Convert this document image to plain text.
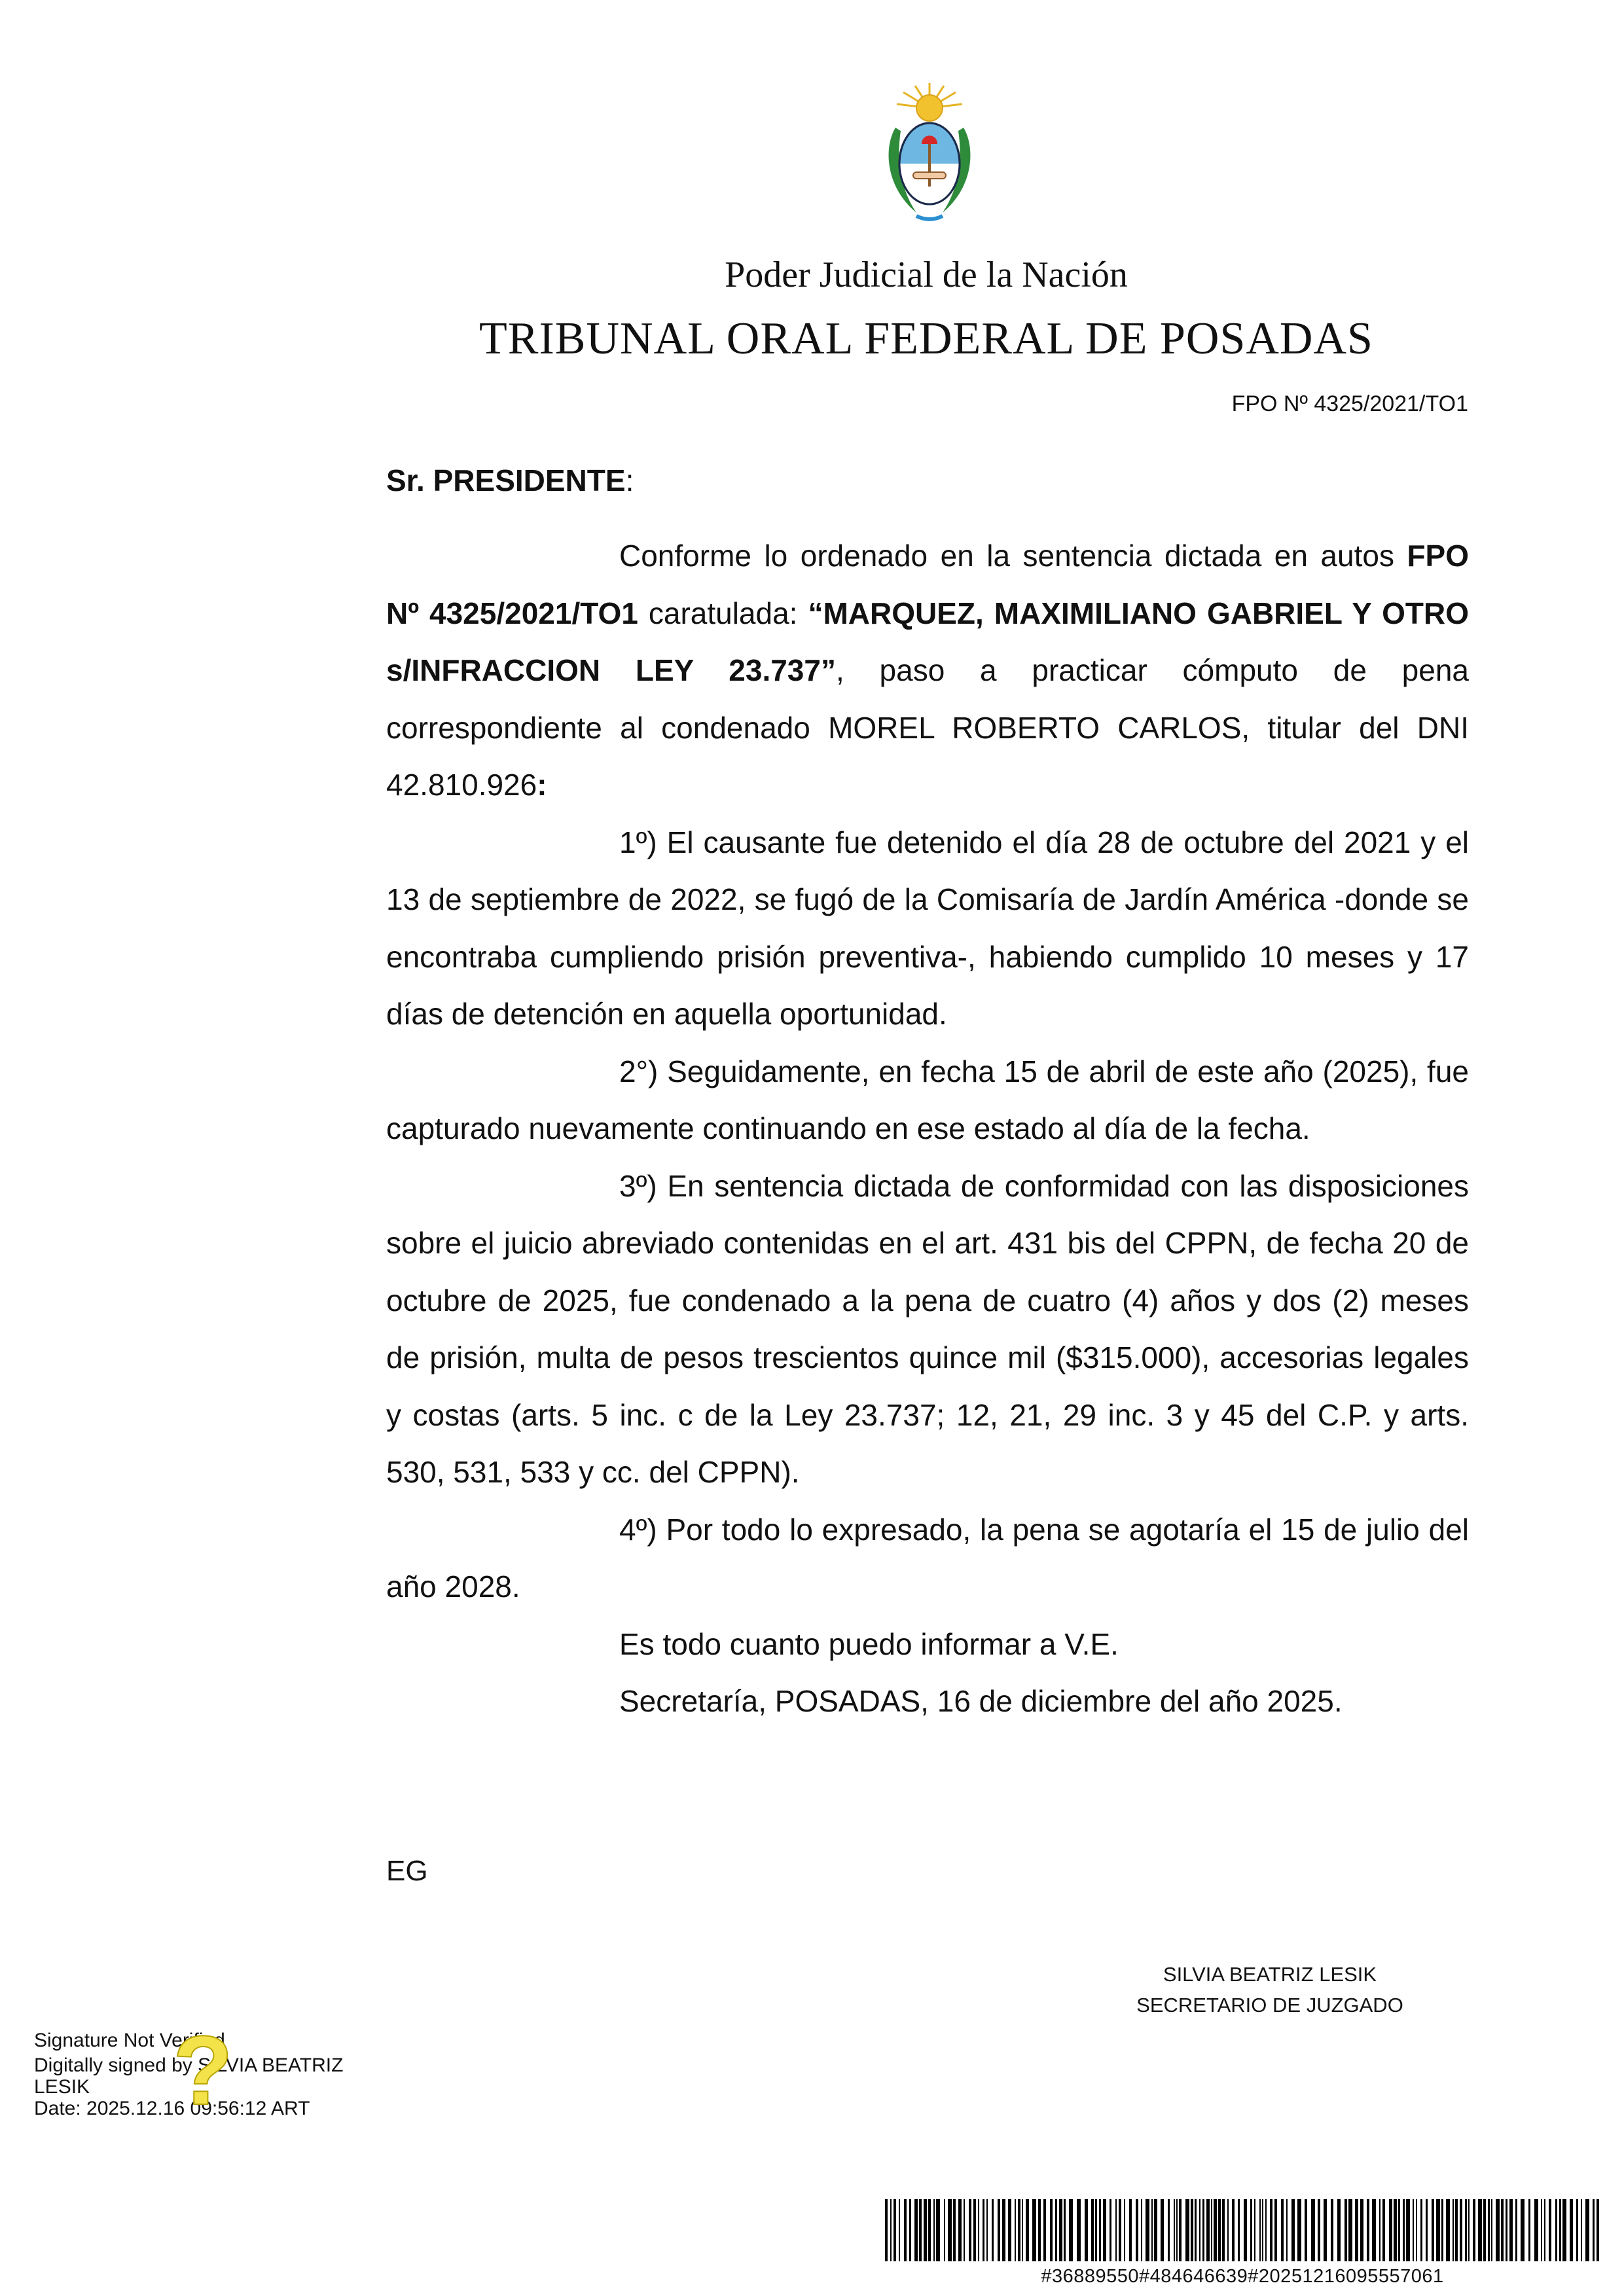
Poder Judicial de la Nación
TRIBUNAL ORAL FEDERAL DE POSADAS
FPO Nº 4325/2021/TO1
Sr. PRESIDENTE:

Conforme lo ordenado en la sentencia dictada en autos FPO Nº 4325/2021/TO1 caratulada: “MARQUEZ, MAXIMILIANO GABRIEL Y OTRO s/INFRACCION LEY 23.737”, paso a practicar cómputo de pena correspondiente al condenado MOREL ROBERTO CARLOS, titular del DNI 42.810.926:

1º) El causante fue detenido el día 28 de octubre del 2021 y el 13 de septiembre de 2022, se fugó de la Comisaría de Jardín América -donde se encontraba cumpliendo prisión preventiva-, habiendo cumplido 10 meses y 17 días de detención en aquella oportunidad.

2°) Seguidamente, en fecha 15 de abril de este año (2025), fue capturado nuevamente continuando en ese estado al día de la fecha.

3º) En sentencia dictada de conformidad con las disposiciones sobre el juicio abreviado contenidas en el art. 431 bis del CPPN, de fecha 20 de octubre de 2025, fue condenado a la pena de cuatro (4) años y dos (2) meses de prisión, multa de pesos trescientos quince mil ($315.000), accesorias legales y costas (arts. 5 inc. c de la Ley 23.737; 12, 21, 29 inc. 3 y 45 del C.P. y arts. 530, 531, 533 y cc. del CPPN).

4º) Por todo lo expresado, la pena se agotaría el 15 de julio del año 2028.

Es todo cuanto puedo informar a V.E.

Secretaría, POSADAS, 16 de diciembre del año 2025.

EG
SILVIA BEATRIZ LESIK
SECRETARIO DE JUZGADO
Signature Not Verified
Digitally signed by SILVIA BEATRIZ
LESIK
Date: 2025.12.16 09:56:12 ART
?
#36889550#484646639#20251216095557061
